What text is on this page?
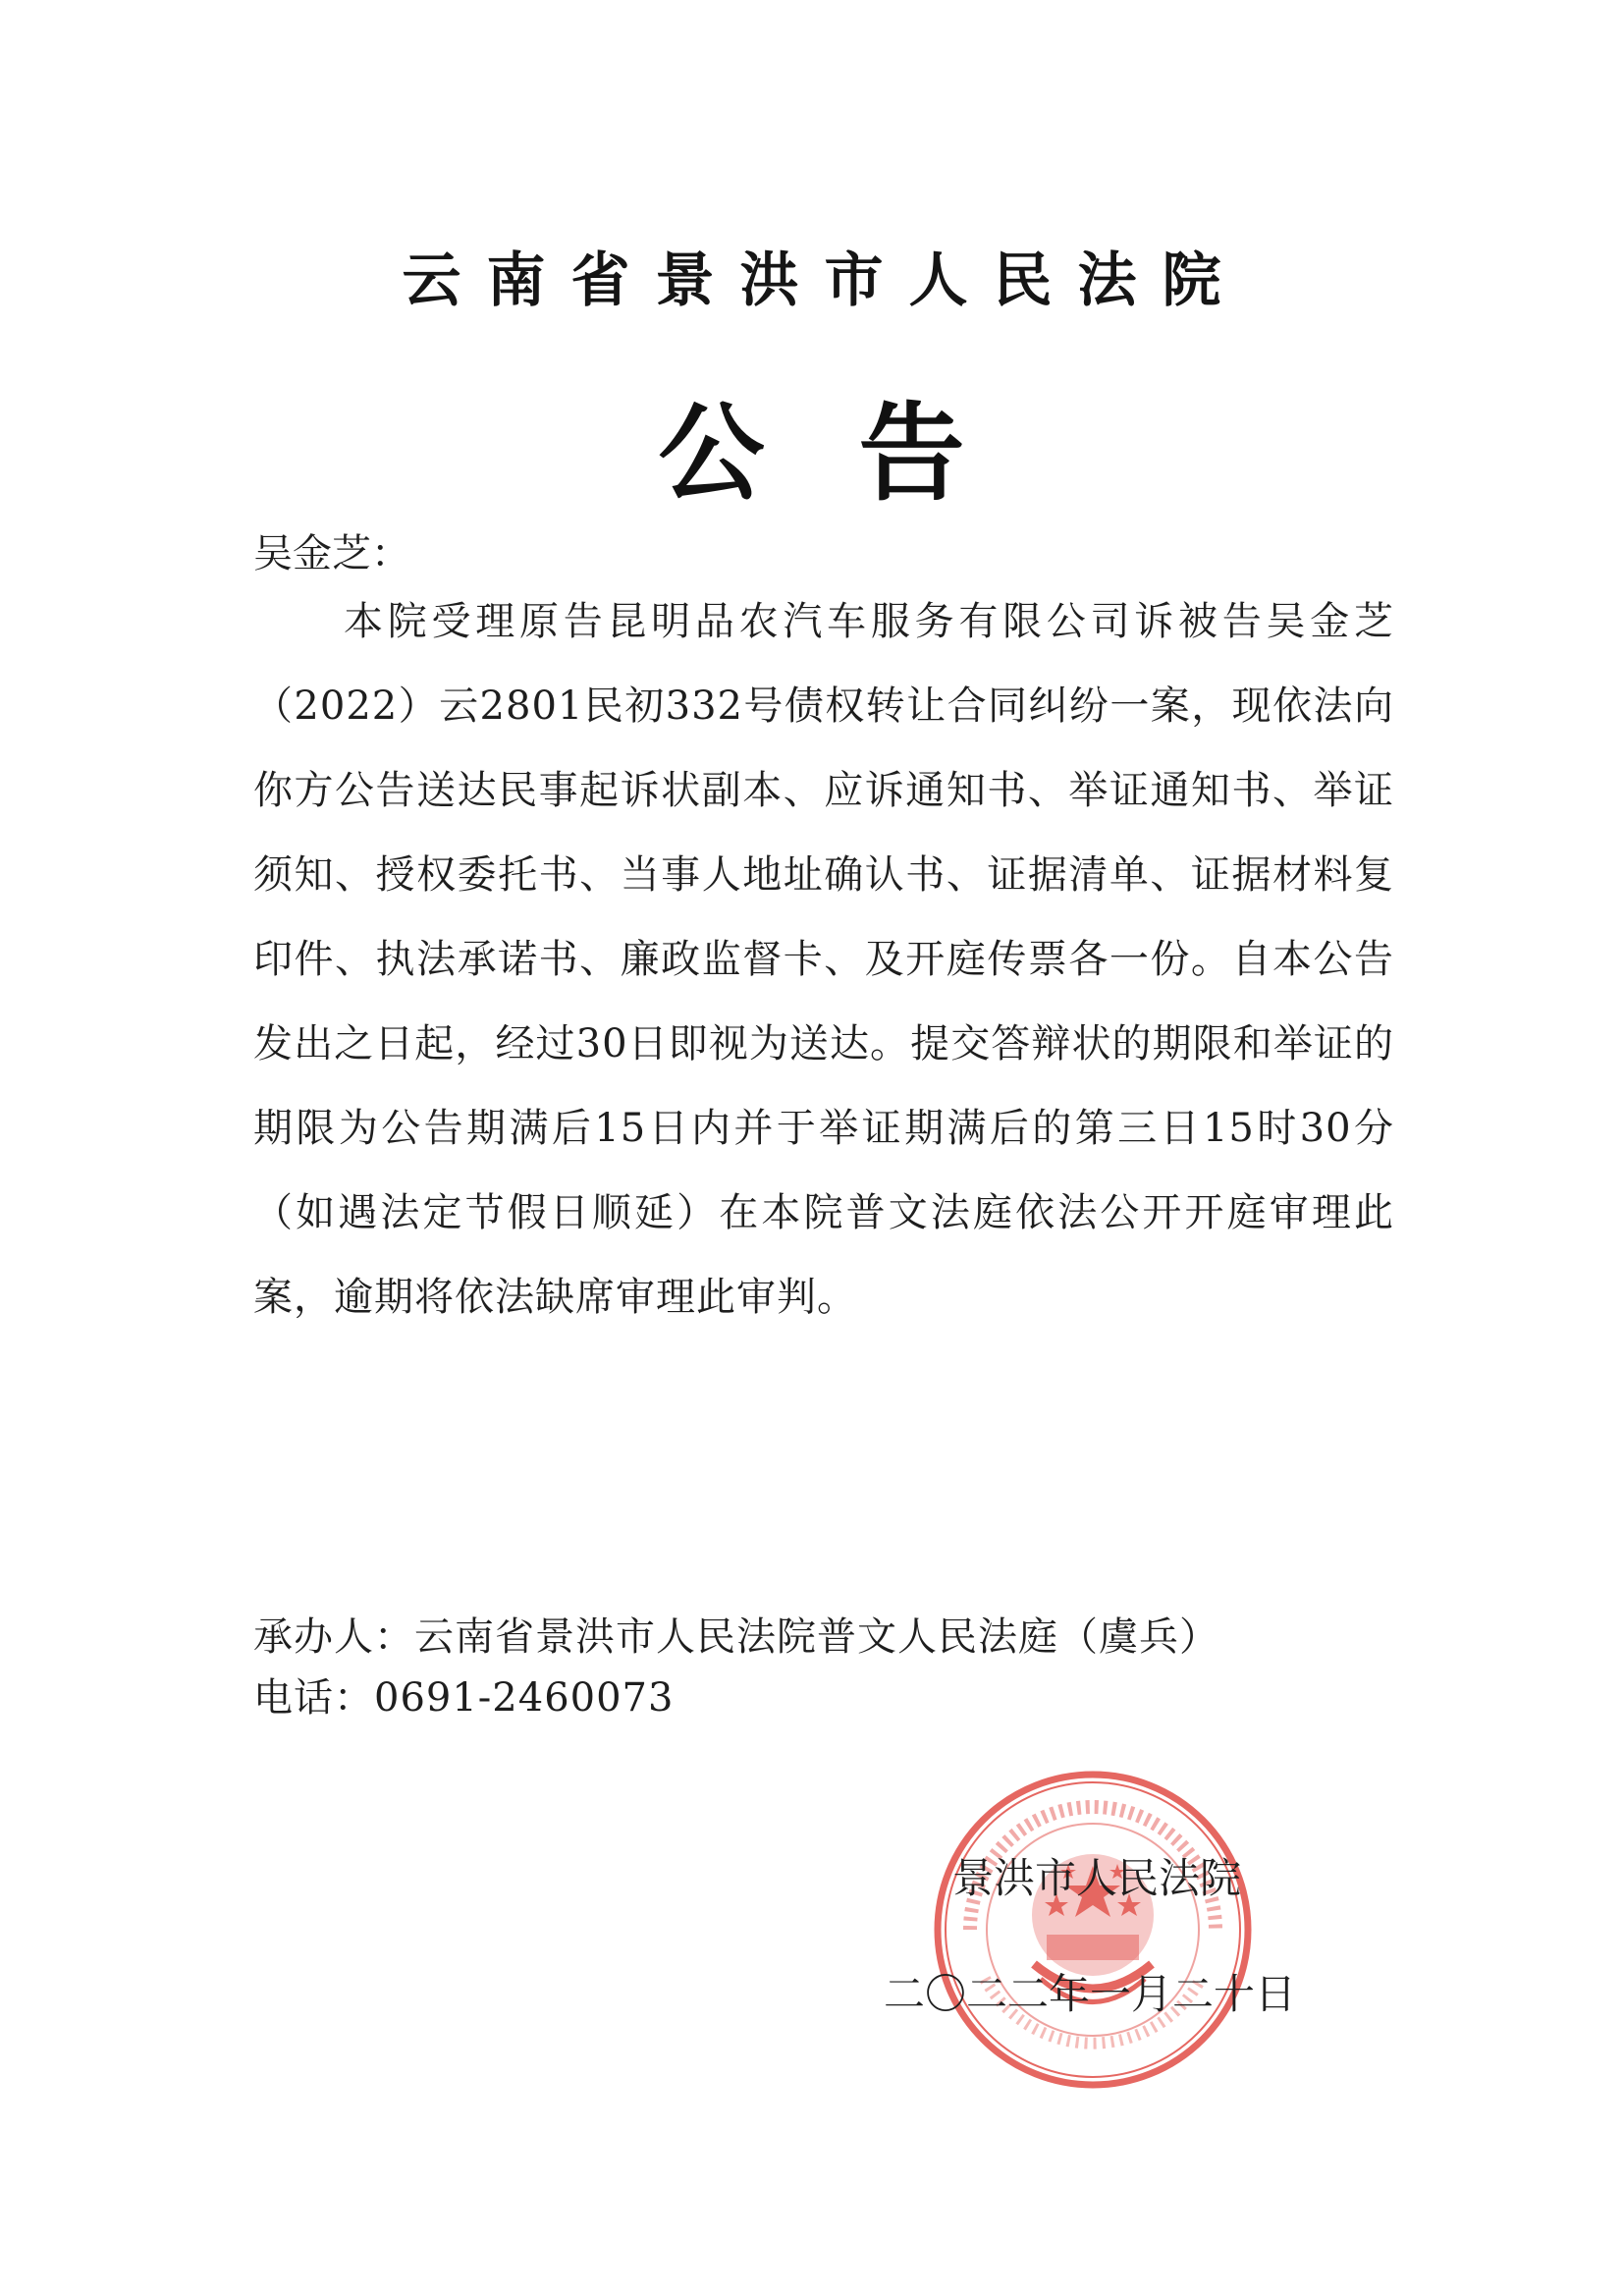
云南省景洪市人民法院
公告
吴金芝：
本院受理原告昆明品农汽车服务有限公司诉被告吴金芝（2022）云2801民初332号债权转让合同纠纷一案，现依法向你方公告送达民事起诉状副本、应诉通知书、举证通知书、举证须知、授权委托书、当事人地址确认书、证据清单、证据材料复印件、执法承诺书、廉政监督卡、及开庭传票各一份。自本公告发出之日起，经过30日即视为送达。提交答辩状的期限和举证的期限为公告期满后15日内并于举证期满后的第三日15时30分（如遇法定节假日顺延）在本院普文法庭依法公开开庭审理此案，逾期将依法缺席审理此审判。
承办人：云南省景洪市人民法院普文人民法庭（虞兵）
电话：0691-2460073
景洪市人民法院
二〇二二年一月二十日
